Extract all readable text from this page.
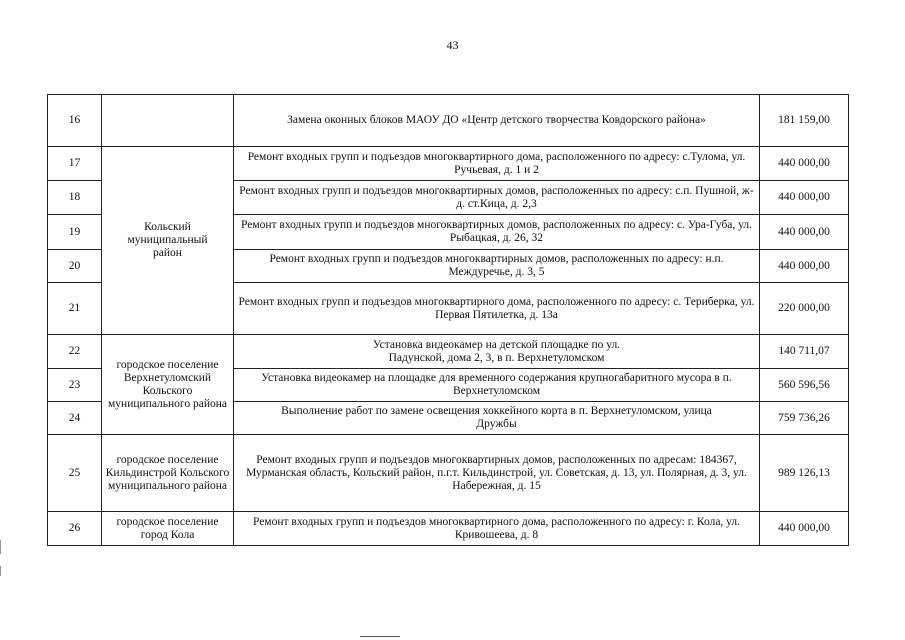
43
16		Замена оконных блоков МАОУ ДО «Центр детского творчества Ковдорского района»	181 159,00
17	Кольский муниципальный район	Ремонт входных групп и подъездов многоквартирного дома, расположенного по адресу: с.Тулома, ул. Ручьевая, д. 1 и 2	440 000,00
18		Ремонт входных групп и подъездов многоквартирных домов, расположенных по адресу: с.п. Пушной, ж-д. ст.Кица, д. 2,3	440 000,00
19		Ремонт входных групп и подъездов многоквартирных домов, расположенных по адресу: с. Ура-Губа, ул. Рыбацкая, д. 26, 32	440 000,00
20		Ремонт входных групп и подъездов многоквартирных домов, расположенных по адресу: н.п. Междуречье, д. 3, 5	440 000,00
21		Ремонт входных групп и подъездов многоквартирного дома, расположенного по адресу: с. Териберка, ул. Первая Пятилетка, д. 13а	220 000,00
22	городское поселение Верхнетуломский Кольского муниципального района	Установка видеокамер на детской площадке по ул. Падунской, дома 2, 3, в п. Верхнетуломском	140 711,07
23		Установка видеокамер на площадке для временного содержания крупногабаритного мусора в п. Верхнетуломском	560 596,56
24		Выполнение работ по замене освещения хоккейного корта в п. Верхнетуломском, улица Дружбы	759 736,26
25	городское поселение Кильдинстрой Кольского муниципального района	Ремонт входных групп и подъездов многоквартирных домов, расположенных по адресам: 184367, Мурманская область, Кольский район, п.г.т. Кильдинстрой, ул. Советская, д. 13, ул. Полярная, д. 3, ул. Набережная, д. 15	989 126,13
26	городское поселение город Кола	Ремонт входных групп и подъездов многоквартирного дома, расположенного по адресу: г. Кола, ул. Кривошеева, д. 8	440 000,00
